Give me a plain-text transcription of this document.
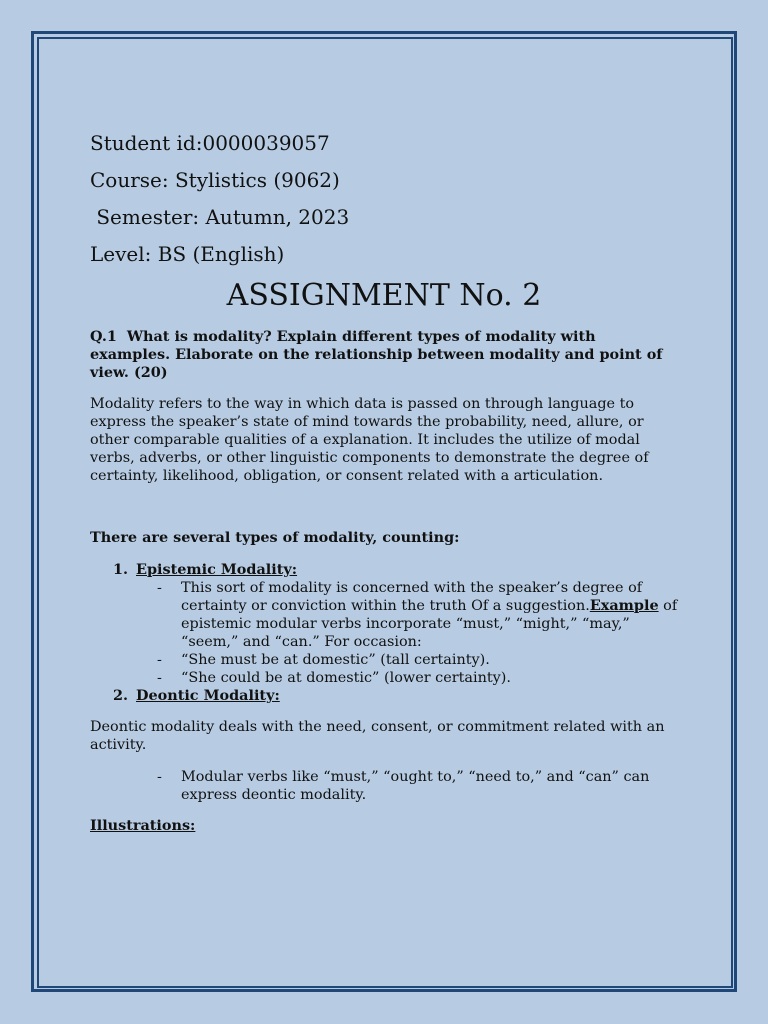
Student id:0000039057
Course: Stylistics (9062)
Semester: Autumn, 2023
Level: BS (English)
ASSIGNMENT No. 2
Q.1  What is modality? Explain different types of modality with examples. Elaborate on the relationship between modality and point of view. (20)
Modality refers to the way in which data is passed on through language to express the speaker’s state of mind towards the probability, need, allure, or other comparable qualities of a explanation. It includes the utilize of modal verbs, adverbs, or other linguistic components to demonstrate the degree of certainty, likelihood, obligation, or consent related with a articulation.
There are several types of modality, counting:
1. Epistemic Modality:
- This sort of modality is concerned with the speaker’s degree of certainty or conviction within the truth Of a suggestion.Example of epistemic modular verbs incorporate “must,” “might,” “may,” “seem,” and “can.” For occasion:
- “She must be at domestic” (tall certainty).
- “She could be at domestic” (lower certainty).
2. Deontic Modality:
Deontic modality deals with the need, consent, or commitment related with an activity.
- Modular verbs like “must,” “ought to,” “need to,” and “can” can express deontic modality.
Illustrations:
